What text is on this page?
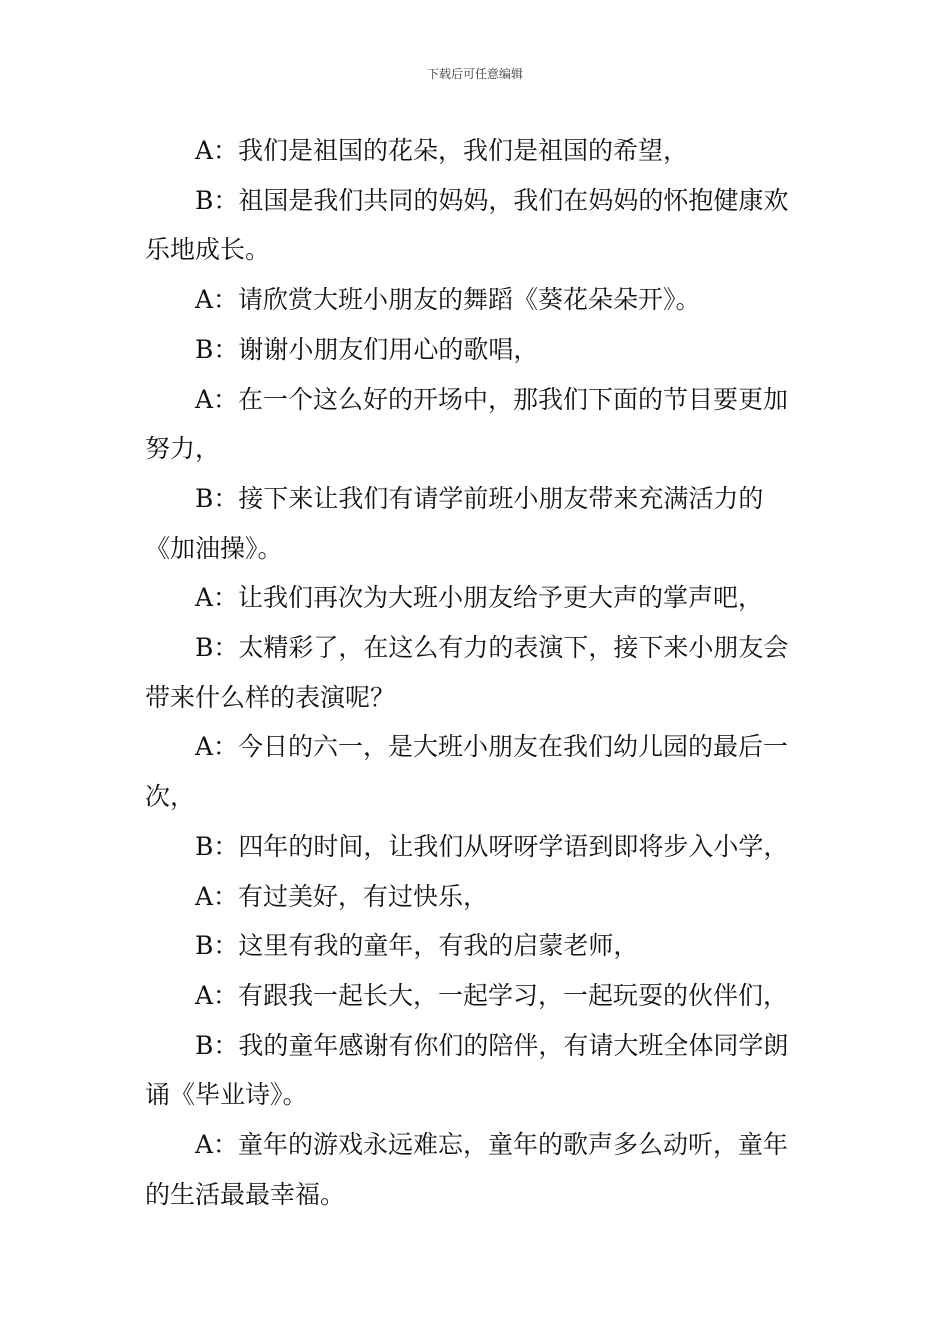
下载后可任意编辑

A：我们是祖国的花朵，我们是祖国的希望，

B：祖国是我们共同的妈妈，我们在妈妈的怀抱健康欢乐地成长。

A：请欣赏大班小朋友的舞蹈《葵花朵朵开》。

B：谢谢小朋友们用心的歌唱，

A：在一个这么好的开场中，那我们下面的节目要更加努力，

B：接下来让我们有请学前班小朋友带来充满活力的《加油操》。

A：让我们再次为大班小朋友给予更大声的掌声吧，

B：太精彩了，在这么有力的表演下，接下来小朋友会带来什么样的表演呢？

A：今日的六一，是大班小朋友在我们幼儿园的最后一次，

B：四年的时间，让我们从呀呀学语到即将步入小学，

A：有过美好，有过快乐，

B：这里有我的童年，有我的启蒙老师，

A：有跟我一起长大，一起学习，一起玩耍的伙伴们，

B：我的童年感谢有你们的陪伴，有请大班全体同学朗诵《毕业诗》。

A：童年的游戏永远难忘，童年的歌声多么动听，童年的生活最最幸福。
